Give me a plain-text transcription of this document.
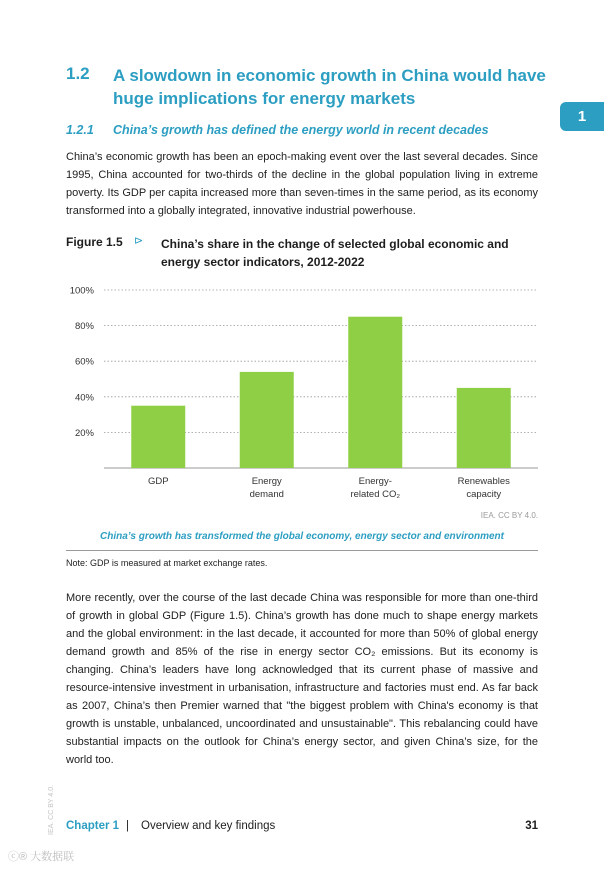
1.2 A slowdown in economic growth in China would have huge implications for energy markets
1
1.2.1 China’s growth has defined the energy world in recent decades
China’s economic growth has been an epoch-making event over the last several decades. Since 1995, China accounted for two-thirds of the decline in the global population living in extreme poverty. Its GDP per capita increased more than seven-times in the same period, as its economy transformed into a globally integrated, innovative industrial powerhouse.
Figure 1.5 ⊳ China’s share in the change of selected global economic and energy sector indicators, 2012-2022
20%
40%
60%
80%
100%
GDP	Energy
demand
Energy-
related CO₂
Renewables
capacity
IEA. CC BY 4.0.
China’s growth has transformed the global economy, energy sector and environment
Note: GDP is measured at market exchange rates.
More recently, over the course of the last decade China was responsible for more than one-third of growth in global GDP (Figure 1.5). China’s growth has done much to shape energy markets and the global environment: in the last decade, it accounted for more than 50% of global energy demand growth and 85% of the rise in energy sector CO₂ emissions. But its economy is changing. China’s leaders have long acknowledged that its current phase of massive and resource-intensive investment in urbanisation, infrastructure and factories must end. As far back as 2007, China’s then Premier warned that "the biggest problem with China's economy is that growth is unstable, unbalanced, uncoordinated and unsustainable". This rebalancing could have substantial impacts on the outlook for China’s energy sector, and given China’s size, for the world too.
IEA. CC BY 4.0. Chapter 1 | Overview and key findings	31
ⓒ® 大数据联
